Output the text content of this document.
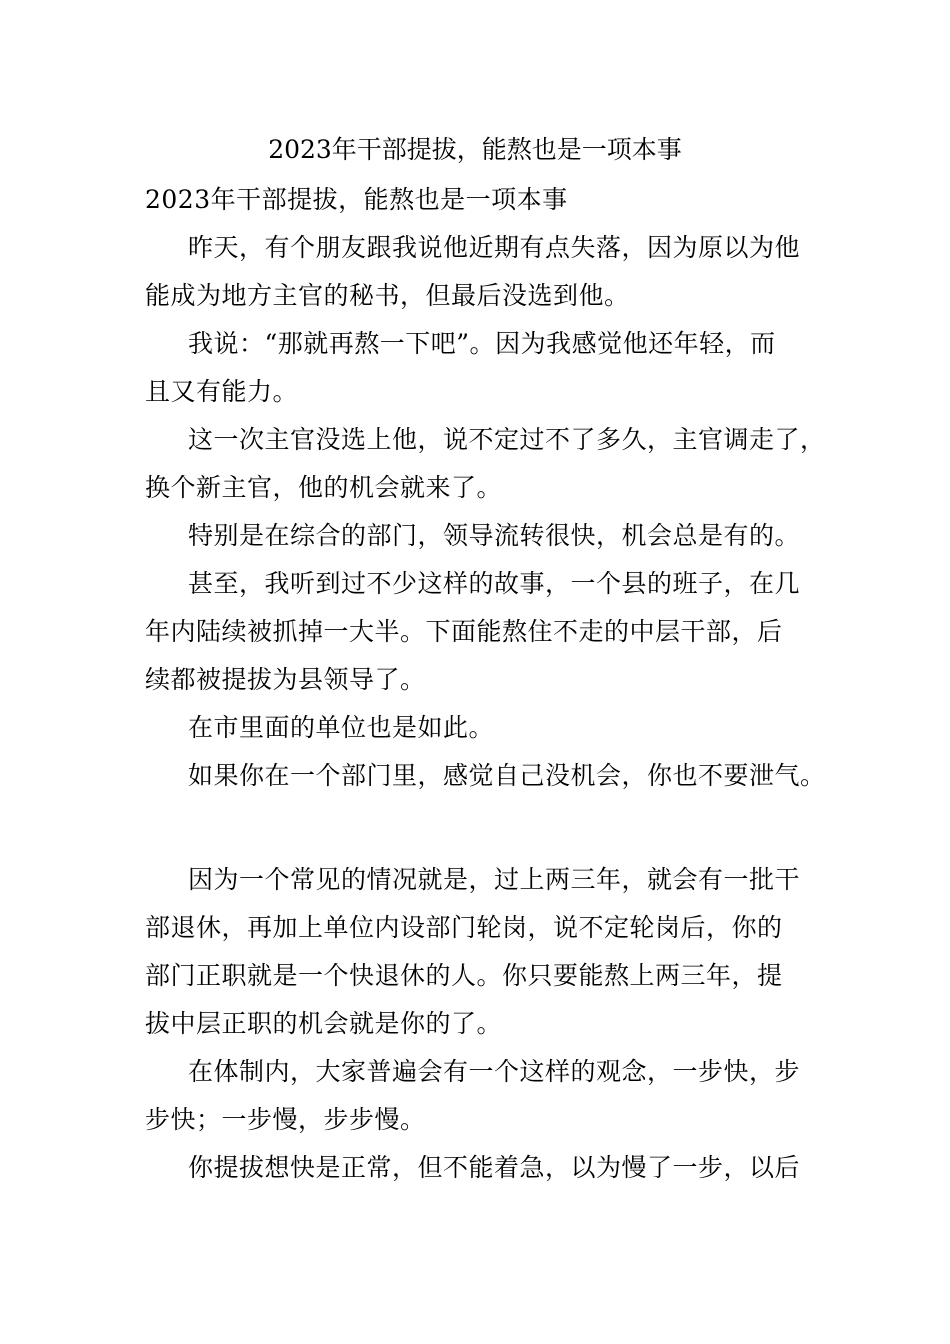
2023年干部提拔，能熬也是一项本事
2023年干部提拔，能熬也是一项本事
昨天，有个朋友跟我说他近期有点失落，因为原以为他
能成为地方主官的秘书，但最后没选到他。
我说：“那就再熬一下吧”。因为我感觉他还年轻，而
且又有能力。
这一次主官没选上他，说不定过不了多久，主官调走了，
换个新主官，他的机会就来了。
特别是在综合的部门，领导流转很快，机会总是有的。
甚至，我听到过不少这样的故事，一个县的班子，在几
年内陆续被抓掉一大半。下面能熬住不走的中层干部，后
续都被提拔为县领导了。
在市里面的单位也是如此。
如果你在一个部门里，感觉自己没机会，你也不要泄气。
因为一个常见的情况就是，过上两三年，就会有一批干
部退休，再加上单位内设部门轮岗，说不定轮岗后，你的
部门正职就是一个快退休的人。你只要能熬上两三年，提
拔中层正职的机会就是你的了。
在体制内，大家普遍会有一个这样的观念，一步快，步
步快；一步慢，步步慢。
你提拔想快是正常，但不能着急，以为慢了一步，以后
